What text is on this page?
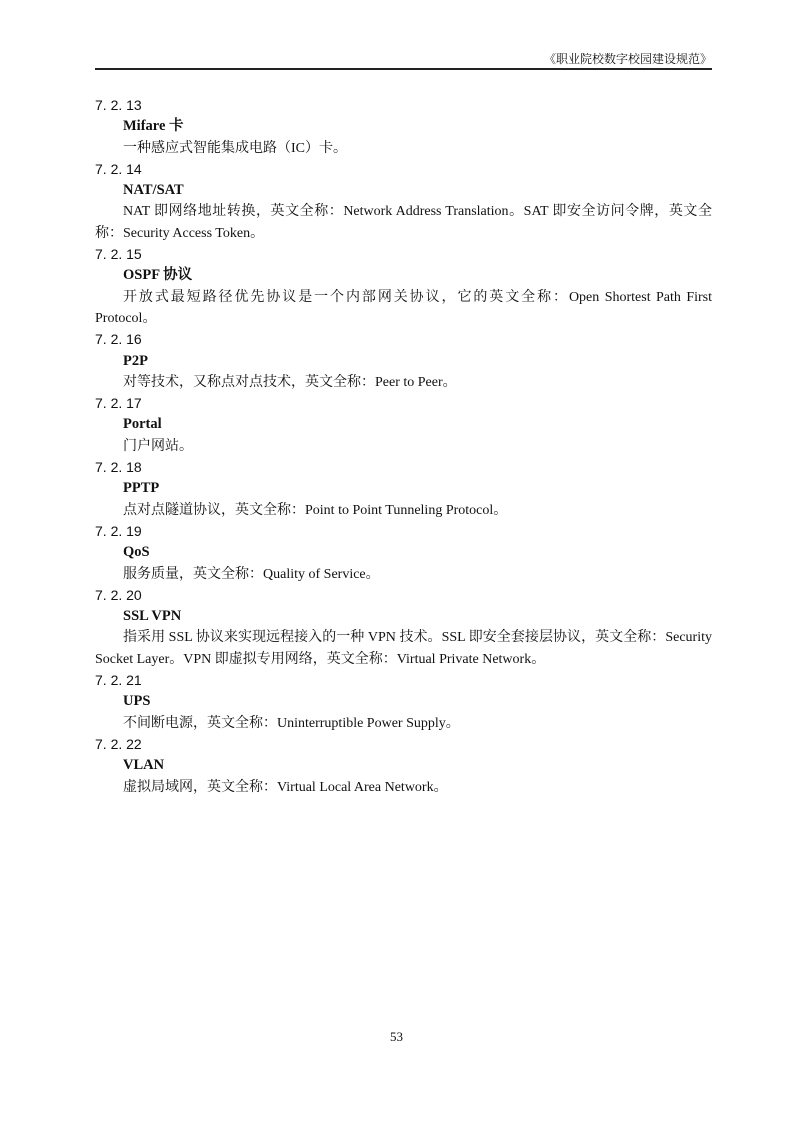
《职业院校数字校园建设规范》
7. 2. 13
Mifare 卡

一种感应式智能集成电路（IC）卡。

7. 2. 14
NAT/SAT

NAT 即网络地址转换，英文全称：Network Address Translation。SAT 即安全访问令牌，英文全称：Security Access Token。

7. 2. 15
OSPF 协议

开放式最短路径优先协议是一个内部网关协议，它的英文全称：Open Shortest Path First Protocol。

7. 2. 16
P2P

对等技术，又称点对点技术，英文全称：Peer to Peer。

7. 2. 17
Portal

门户网站。

7. 2. 18
PPTP

点对点隧道协议，英文全称：Point to Point Tunneling Protocol。

7. 2. 19
QoS

服务质量，英文全称：Quality of Service。

7. 2. 20
SSL VPN

指采用 SSL 协议来实现远程接入的一种 VPN 技术。SSL 即安全套接层协议，英文全称：Security Socket Layer。VPN 即虚拟专用网络，英文全称：Virtual Private Network。

7. 2. 21
UPS

不间断电源，英文全称：Uninterruptible Power Supply。

7. 2. 22
VLAN

虚拟局域网，英文全称：Virtual Local Area Network。

53
